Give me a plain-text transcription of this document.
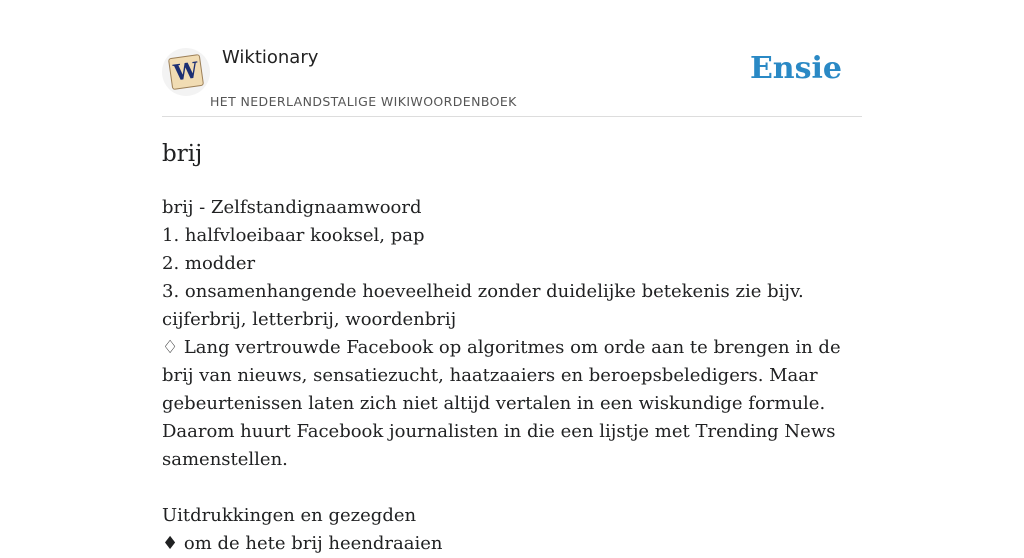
W Wiktionary
HET NEDERLANDSTALIGE WIKIWOORDENBOEK
Ensie
brij
brij - Zelfstandignaamwoord
1. halfvloeibaar kooksel, pap
2. modder
3. onsamenhangende hoeveelheid zonder duidelijke betekenis zie bijv. cijferbrij, letterbrij, woordenbrij
♢ Lang vertrouwde Facebook op algoritmes om orde aan te brengen in de brij van nieuws, sensatiezucht, haatzaaiers en beroepsbeledigers. Maar gebeurtenissen laten zich niet altijd vertalen in een wiskundige formule. Daarom huurt Facebook journalisten in die een lijstje met Trending News samenstellen.
Uitdrukkingen en gezegden
♦ om de hete brij heendraaien
